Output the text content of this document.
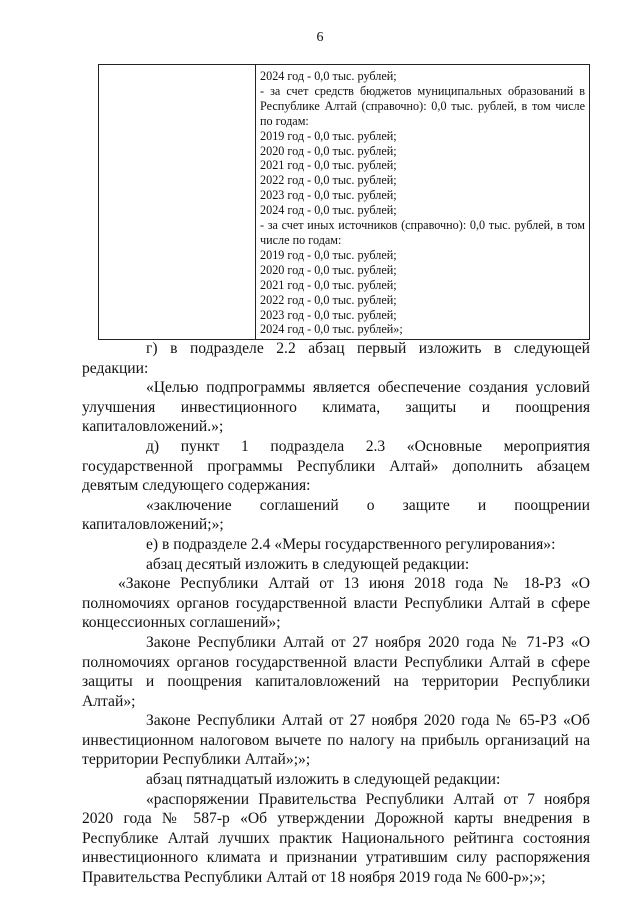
6
2024 год - 0,0 тыс. рублей;
- за счет средств бюджетов муниципальных образований в Республике Алтай (справочно): 0,0 тыс. рублей, в том числе по годам:
2019 год - 0,0 тыс. рублей;
2020 год - 0,0 тыс. рублей;
2021 год - 0,0 тыс. рублей;
2022 год - 0,0 тыс. рублей;
2023 год - 0,0 тыс. рублей;
2024 год - 0,0 тыс. рублей;
- за счет иных источников (справочно): 0,0 тыс. рублей, в том числе по годам:
2019 год - 0,0 тыс. рублей;
2020 год - 0,0 тыс. рублей;
2021 год - 0,0 тыс. рублей;
2022 год - 0,0 тыс. рублей;
2023 год - 0,0 тыс. рублей;
2024 год - 0,0 тыс. рублей»;

г) в подразделе 2.2 абзац первый изложить в следующей редакции:

«Целью подпрограммы является обеспечение создания условий улучшения инвестиционного климата, защиты и поощрения капиталовложений.»;

д) пункт 1 подраздела 2.3 «Основные мероприятия государственной программы Республики Алтай» дополнить абзацем девятым следующего содержания:

«заключение соглашений о защите и поощрении капиталовложений;»;

е) в подразделе 2.4 «Меры государственного регулирования»:

абзац десятый изложить в следующей редакции:

«Законе Республики Алтай от 13 июня 2018 года № 18-РЗ «О полномочиях органов государственной власти Республики Алтай в сфере концессионных соглашений»;

Законе Республики Алтай от 27 ноября 2020 года № 71-РЗ «О полномочиях органов государственной власти Республики Алтай в сфере защиты и поощрения капиталовложений на территории Республики Алтай»;

Законе Республики Алтай от 27 ноября 2020 года № 65-РЗ «Об инвестиционном налоговом вычете по налогу на прибыль организаций на территории Республики Алтай»;»;

абзац пятнадцатый изложить в следующей редакции:

«распоряжении Правительства Республики Алтай от 7 ноября 2020 года № 587-р «Об утверждении Дорожной карты внедрения в Республике Алтай лучших практик Национального рейтинга состояния инвестиционного климата и признании утратившим силу распоряжения Правительства Республики Алтай от 18 ноября 2019 года № 600-р»;»;
